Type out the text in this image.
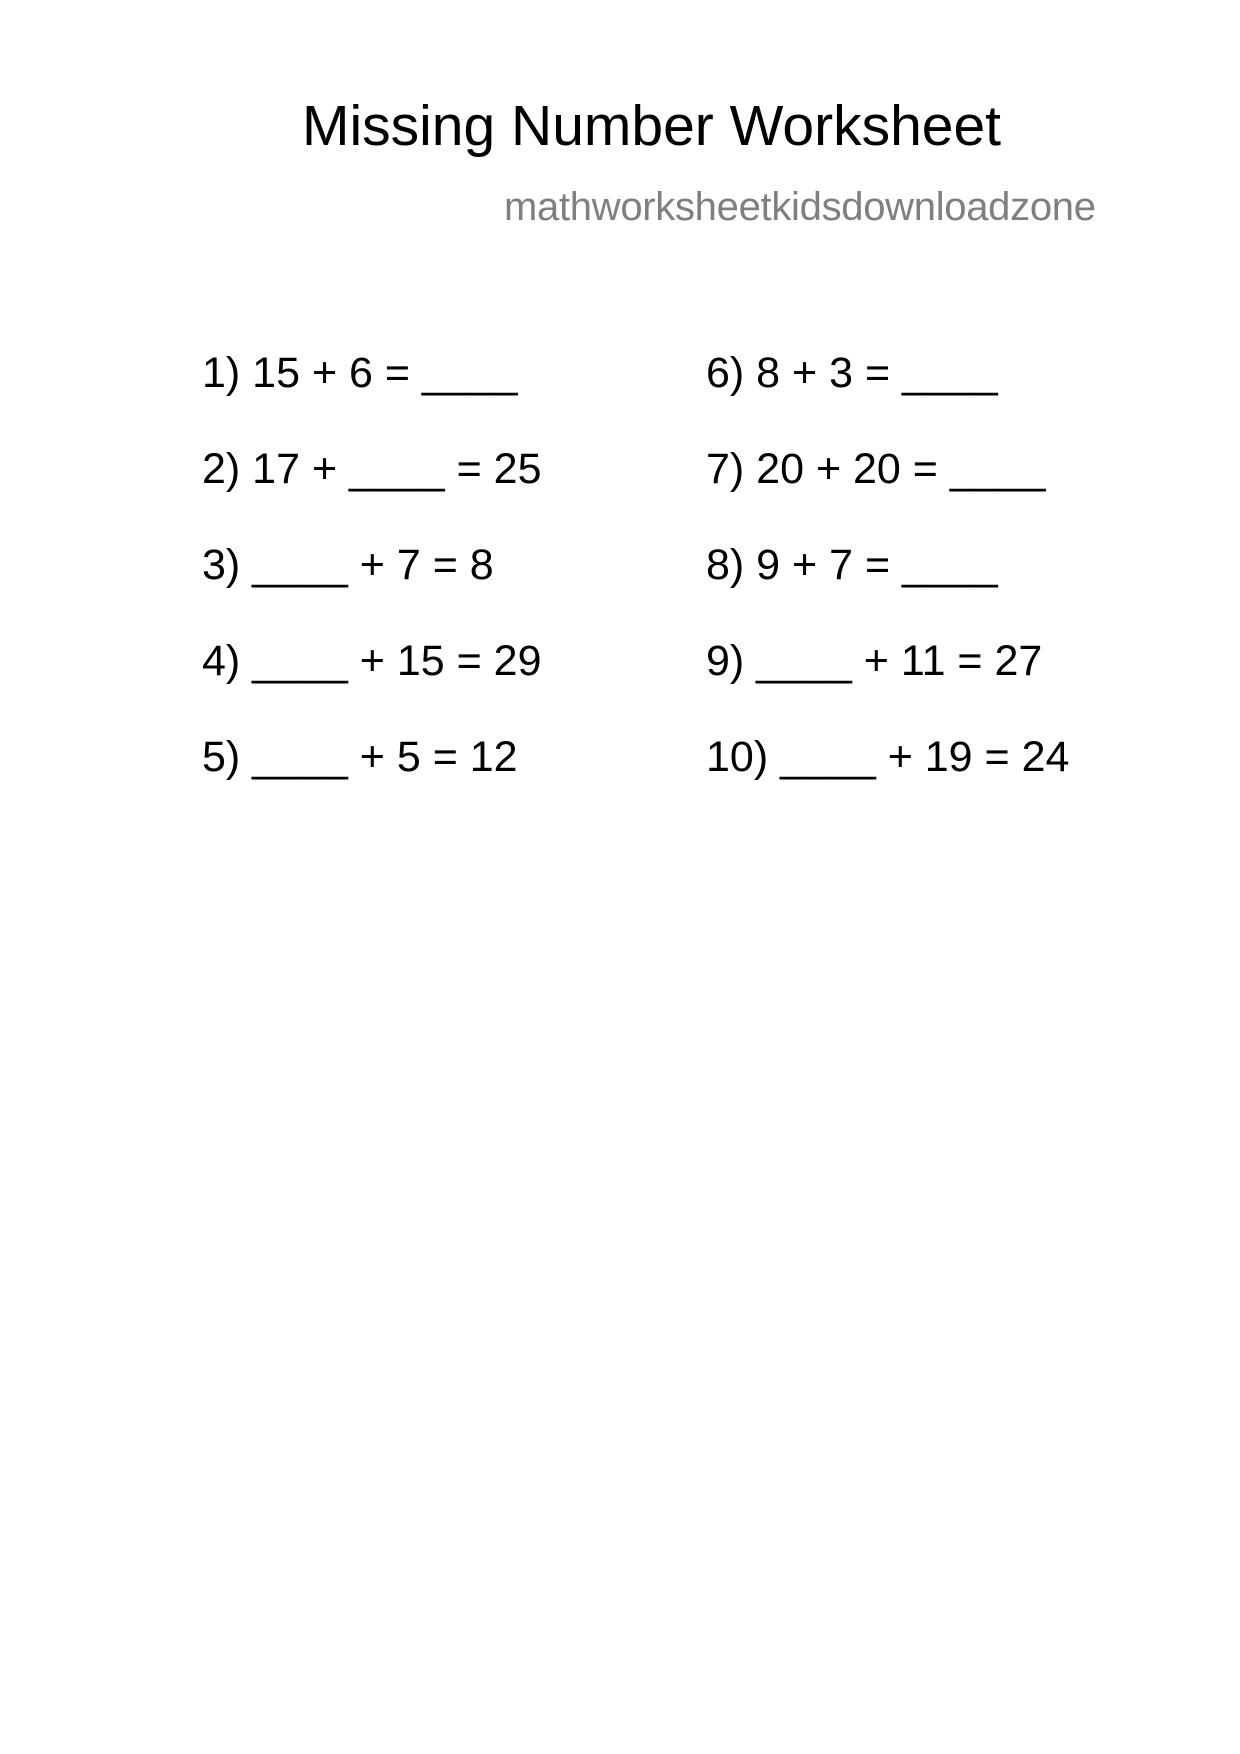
Missing Number Worksheet
mathworksheetkidsdownloadzone
1) 15 + 6 = ____
2) 17 + ____ = 25
3) ____ + 7 = 8
4) ____ + 15 = 29
5) ____ + 5 = 12
6) 8 + 3 = ____
7) 20 + 20 = ____
8) 9 + 7 = ____
9) ____ + 11 = 27
10) ____ + 19 = 24
